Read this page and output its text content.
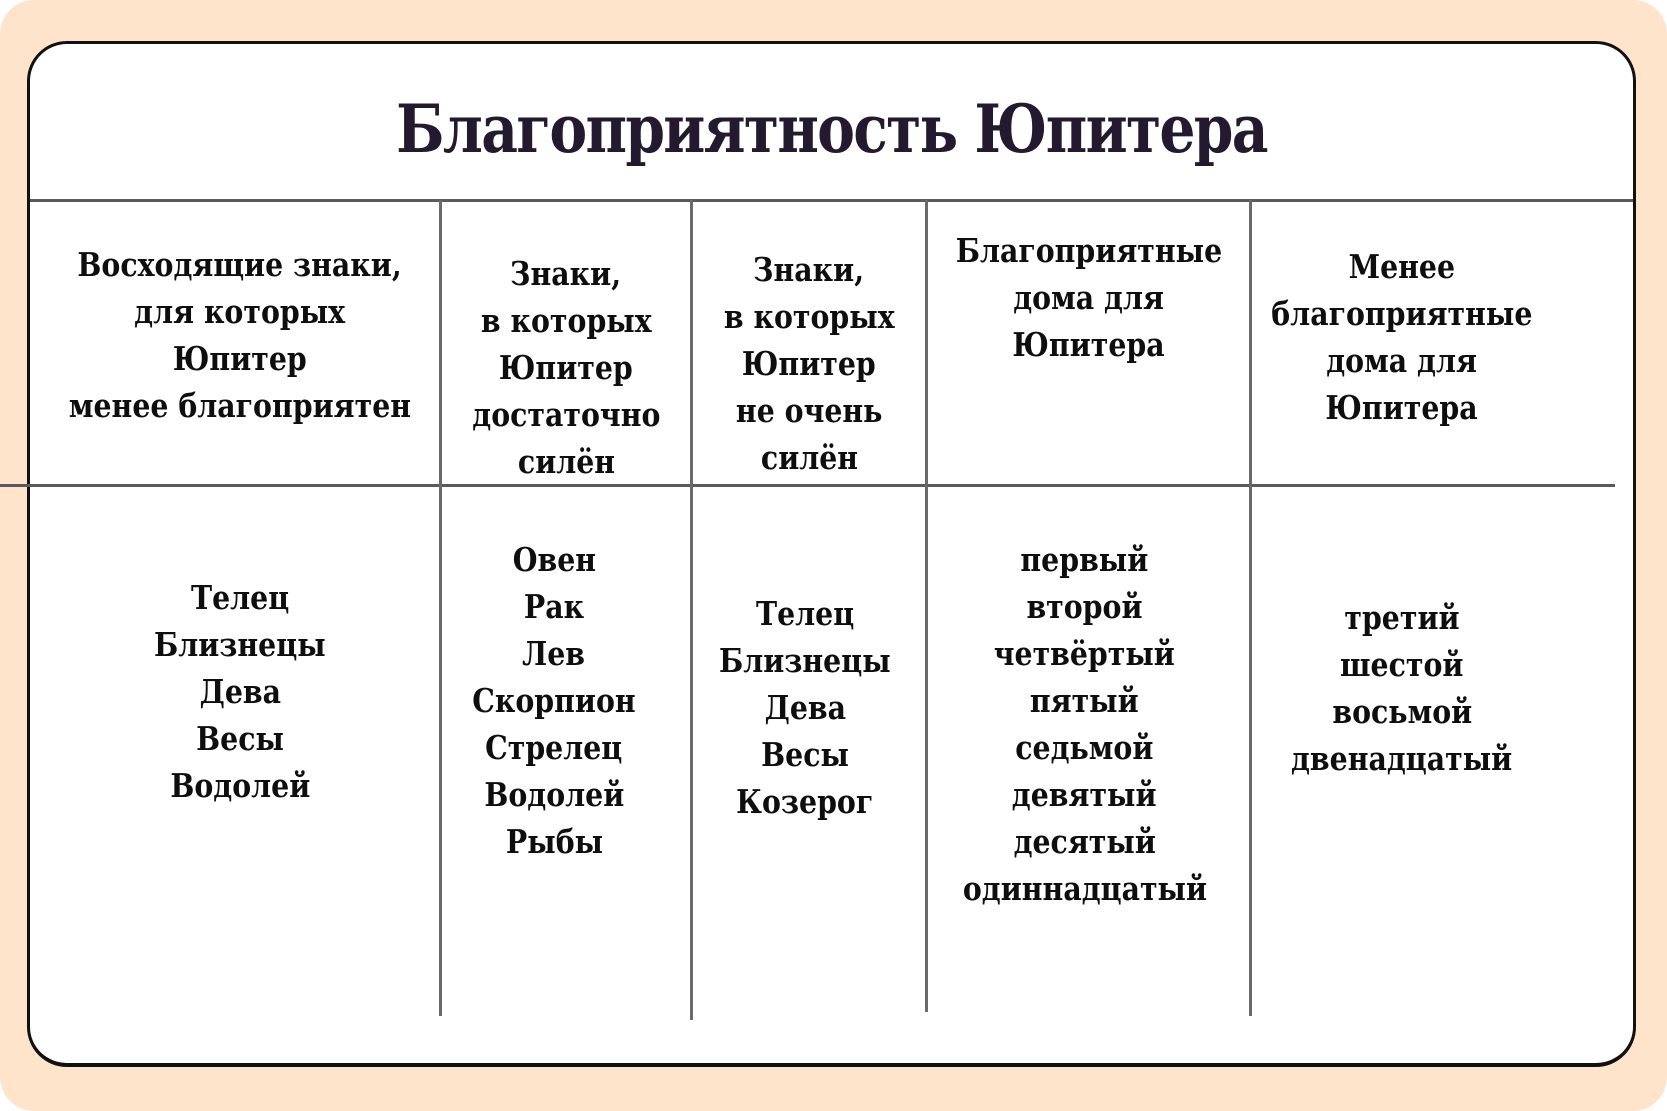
Благоприятность Юпитера
Восходящие знаки,
для которых
Юпитер
менее благоприятен
Знаки,
в которых
Юпитер
достаточно
силён
Знаки,
в которых
Юпитер
не очень
силён
Благоприятные
дома для
Юпитера
Менее
благоприятные
дома для
Юпитера
Телец
Близнецы
Дева
Весы
Водолей
Овен
Рак
Лев
Скорпион
Стрелец
Водолей
Рыбы
Телец
Близнецы
Дева
Весы
Козерог
первый
второй
четвёртый
пятый
седьмой
девятый
десятый
одиннадцатый
третий
шестой
восьмой
двенадцатый
